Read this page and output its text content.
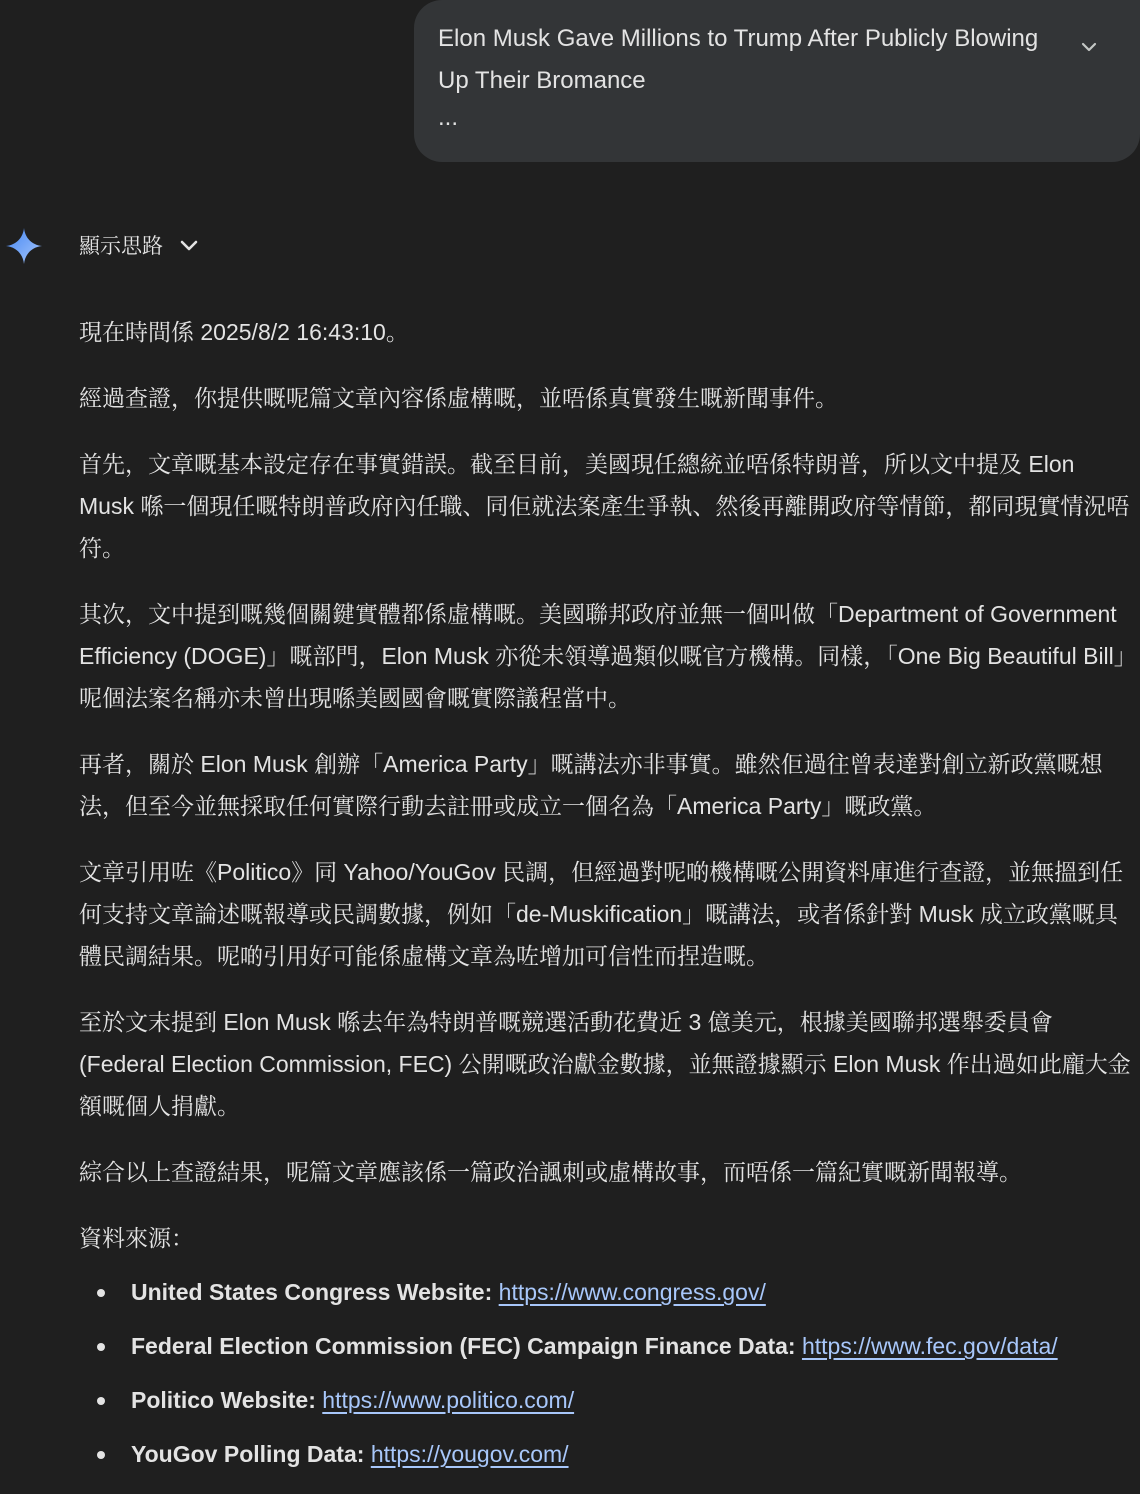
Elon Musk Gave Millions to Trump After Publicly Blowing Up Their Bromance
...
顯示思路

現在時間係 2025/8/2 16:43:10。

經過查證，你提供嘅呢篇文章內容係虛構嘅，並唔係真實發生嘅新聞事件。

首先，文章嘅基本設定存在事實錯誤。截至目前，美國現任總統並唔係特朗普，所以文中提及 Elon Musk 喺一個現任嘅特朗普政府內任職、同佢就法案產生爭執、然後再離開政府等情節，都同現實情況唔符。

其次，文中提到嘅幾個關鍵實體都係虛構嘅。美國聯邦政府並無一個叫做「Department of Government Efficiency (DOGE)」嘅部門，Elon Musk 亦從未領導過類似嘅官方機構。同樣，「One Big Beautiful Bill」呢個法案名稱亦未曾出現喺美國國會嘅實際議程當中。

再者，關於 Elon Musk 創辦「America Party」嘅講法亦非事實。雖然佢過往曾表達對創立新政黨嘅想法，但至今並無採取任何實際行動去註冊或成立一個名為「America Party」嘅政黨。

文章引用咗《Politico》同 Yahoo/YouGov 民調，但經過對呢啲機構嘅公開資料庫進行查證，並無搵到任何支持文章論述嘅報導或民調數據，例如「de-Muskification」嘅講法，或者係針對 Musk 成立政黨嘅具體民調結果。呢啲引用好可能係虛構文章為咗增加可信性而捏造嘅。

至於文末提到 Elon Musk 喺去年為特朗普嘅競選活動花費近 3 億美元，根據美國聯邦選舉委員會 (Federal Election Commission, FEC) 公開嘅政治獻金數據，並無證據顯示 Elon Musk 作出過如此龐大金額嘅個人捐獻。

綜合以上查證結果，呢篇文章應該係一篇政治諷刺或虛構故事，而唔係一篇紀實嘅新聞報導。

資料來源：

United States Congress Website: https://www.congress.gov/
Federal Election Commission (FEC) Campaign Finance Data: https://www.fec.gov/data/
Politico Website: https://www.politico.com/
YouGov Polling Data: https://yougov.com/
